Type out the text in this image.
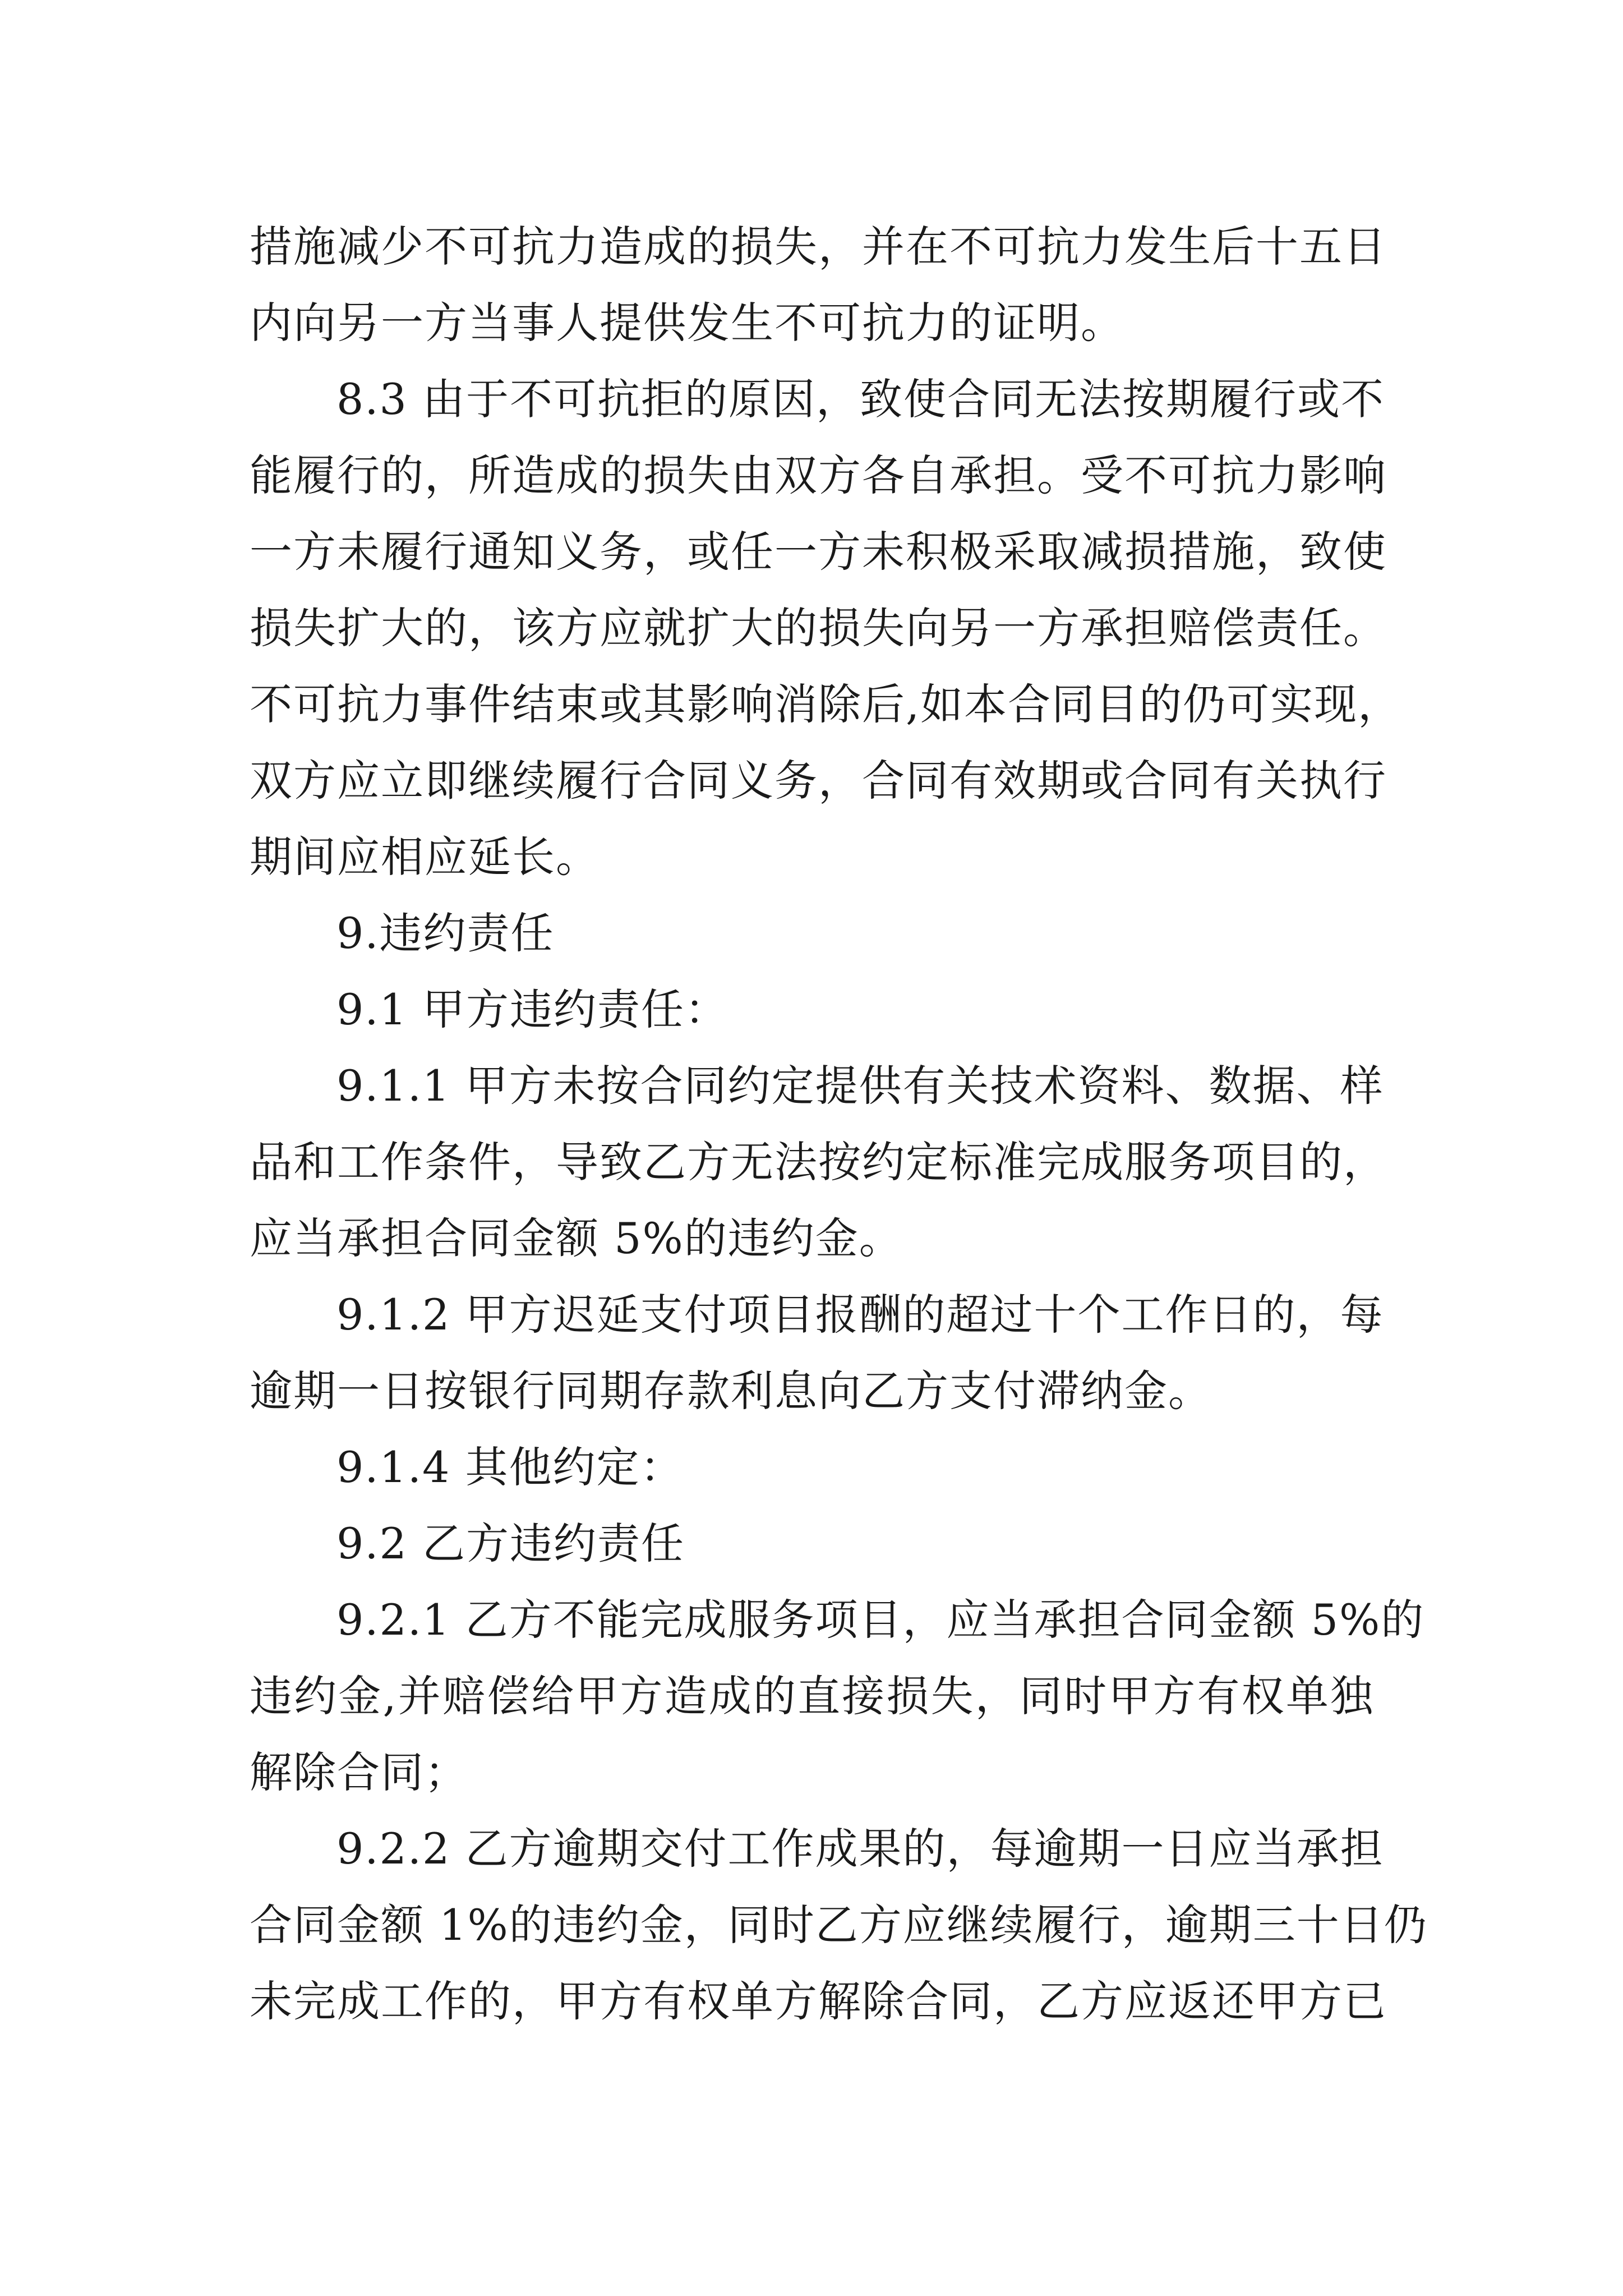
措施减少不可抗力造成的损失，并在不可抗力发生后十五日
内向另一方当事人提供发生不可抗力的证明。
8.3 由于不可抗拒的原因，致使合同无法按期履行或不
能履行的，所造成的损失由双方各自承担。受不可抗力影响
一方未履行通知义务，或任一方未积极采取减损措施，致使
损失扩大的，该方应就扩大的损失向另一方承担赔偿责任。
不可抗力事件结束或其影响消除后,如本合同目的仍可实现，
双方应立即继续履行合同义务，合同有效期或合同有关执行
期间应相应延长。
9.违约责任
9.1 甲方违约责任：
9.1.1 甲方未按合同约定提供有关技术资料、数据、样
品和工作条件，导致乙方无法按约定标准完成服务项目的，
应当承担合同金额 5%的违约金。
9.1.2 甲方迟延支付项目报酬的超过十个工作日的，每
逾期一日按银行同期存款利息向乙方支付滞纳金。
9.1.4 其他约定：
9.2 乙方违约责任
9.2.1 乙方不能完成服务项目，应当承担合同金额 5%的
违约金,并赔偿给甲方造成的直接损失，同时甲方有权单独
解除合同；
9.2.2 乙方逾期交付工作成果的，每逾期一日应当承担
合同金额 1%的违约金，同时乙方应继续履行，逾期三十日仍
未完成工作的，甲方有权单方解除合同，乙方应返还甲方已
